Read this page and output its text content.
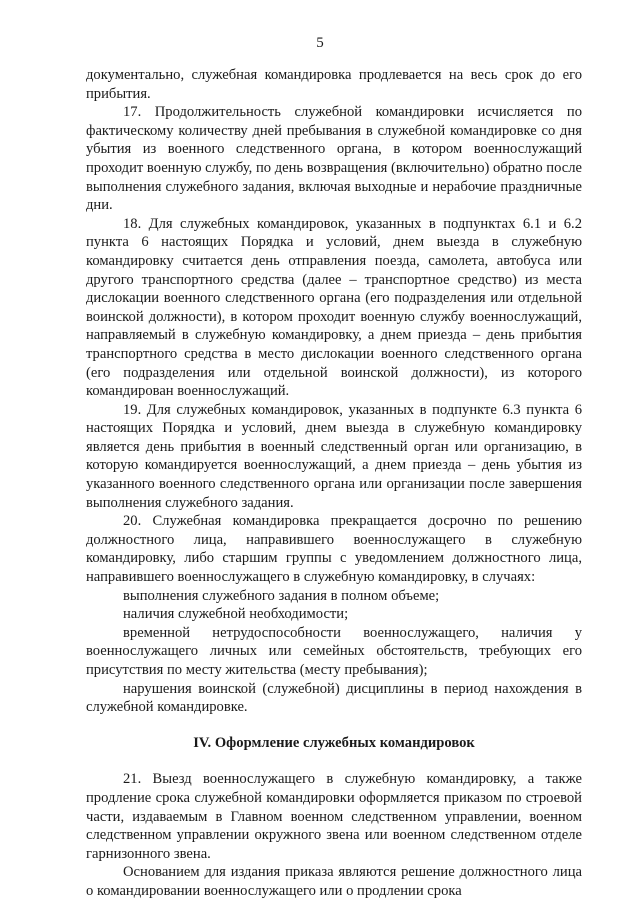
5

документально, служебная командировка продлевается на весь срок до его прибытия.

17. Продолжительность служебной командировки исчисляется по фактическому количеству дней пребывания в служебной командировке со дня убытия из военного следственного органа, в котором военнослужащий проходит военную службу, по день возвращения (включительно) обратно после выполнения служебного задания, включая выходные и нерабочие праздничные дни.

18. Для служебных командировок, указанных в подпунктах 6.1 и 6.2 пункта 6 настоящих Порядка и условий, днем выезда в служебную командировку считается день отправления поезда, самолета, автобуса или другого транспортного средства (далее – транспортное средство) из места дислокации военного следственного органа (его подразделения или отдельной воинской должности), в котором проходит военную службу военнослужащий, направляемый в служебную командировку, а днем приезда – день прибытия транспортного средства в место дислокации военного следственного органа (его подразделения или отдельной воинской должности), из которого командирован военнослужащий.

19. Для служебных командировок, указанных в подпункте 6.3 пункта 6 настоящих Порядка и условий, днем выезда в служебную командировку является день прибытия в военный следственный орган или организацию, в которую командируется военнослужащий, а днем приезда – день убытия из указанного военного следственного органа или организации после завершения выполнения служебного задания.

20. Служебная командировка прекращается досрочно по решению должностного лица, направившего военнослужащего в служебную командировку, либо старшим группы с уведомлением должностного лица, направившего военнослужащего в служебную командировку, в случаях:

выполнения служебного задания в полном объеме;

наличия служебной необходимости;

временной нетрудоспособности военнослужащего, наличия у военнослужащего личных или семейных обстоятельств, требующих его присутствия по месту жительства (месту пребывания);

нарушения воинской (служебной) дисциплины в период нахождения в служебной командировке.

IV. Оформление служебных командировок

21. Выезд военнослужащего в служебную командировку, а также продление срока служебной командировки оформляется приказом по строевой части, издаваемым в Главном военном следственном управлении, военном следственном управлении окружного звена или военном следственном отделе гарнизонного звена.

Основанием для издания приказа являются решение должностного лица о командировании военнослужащего или о продлении срока
